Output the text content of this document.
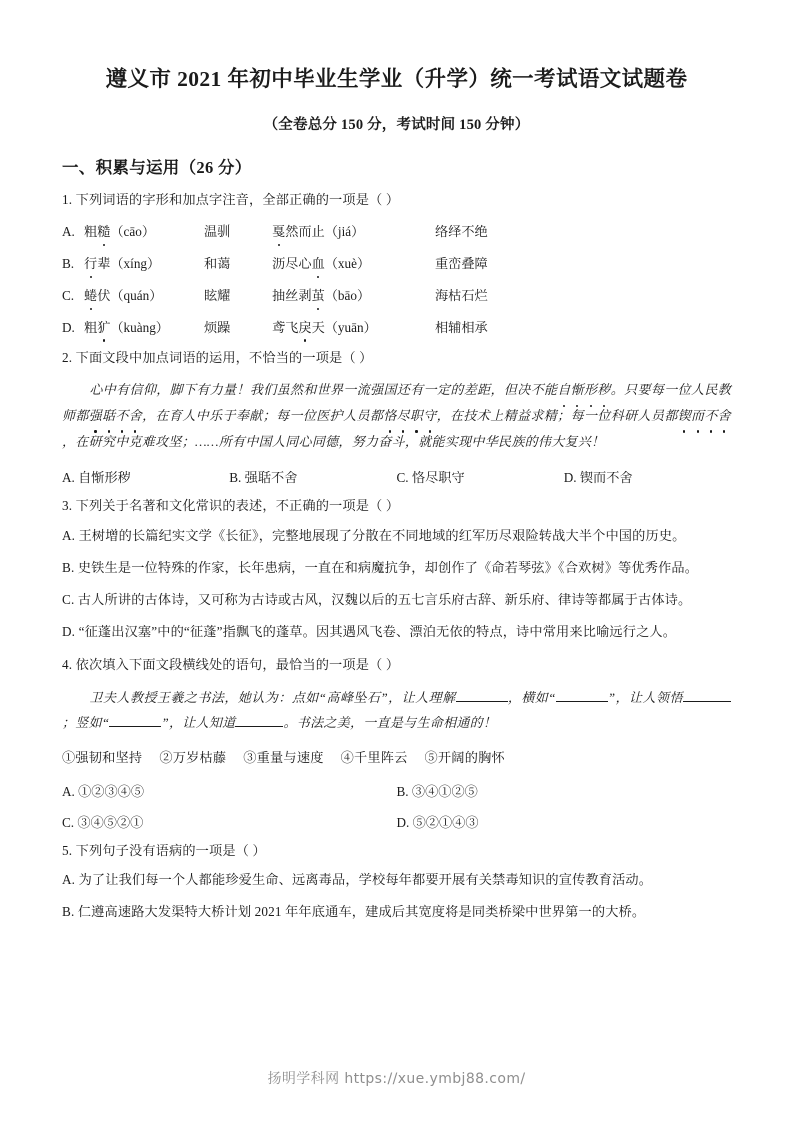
遵义市 2021 年初中毕业生学业（升学）统一考试语文试题卷
（全卷总分 150 分，考试时间 150 分钟）
一、积累与运用（26 分）

1. 下列词语的字形和加点字注音，全部正确的一项是（ ）

A. 粗糙（cāo）	温驯	戛然而止（jiá）	络绎不绝
B. 行辈（xíng）	和蔼	沥尽心血（xuè）	重峦叠障
C. 蜷伏（quán）	眩耀	抽丝剥茧（bāo）	海枯石烂
D. 粗犷（kuàng）	烦躁	鸢飞戾天（yuān）	相辅相承

2. 下面文段中加点词语的运用，不恰当的一项是（ ）

心中有信仰，脚下有力量！我们虽然和世界一流强国还有一定的差距，但决不能自惭形秽。只要每一位人民教师都强聒不舍，在育人中乐于奉献；每一位医护人员都恪尽职守，在技术上精益求精；每一位科研人员都锲而不舍，在研究中克难攻坚；……所有中国人同心同德，努力奋斗，就能实现中华民族的伟大复兴！

A. 自惭形秽	B. 强聒不舍	C. 恪尽职守	D. 锲而不舍

3. 下列关于名著和文化常识的表述，不正确的一项是（ ）

A. 王树增的长篇纪实文学《长征》，完整地展现了分散在不同地域的红军历尽艰险转战大半个中国的历史。

B. 史铁生是一位特殊的作家，长年患病，一直在和病魔抗争，却创作了《命若琴弦》《合欢树》等优秀作品。

C. 古人所讲的古体诗，又可称为古诗或古风，汉魏以后的五七言乐府古辞、新乐府、律诗等都属于古体诗。

D. “征蓬出汉塞”中的“征蓬”指飘飞的蓬草。因其遇风飞卷、漂泊无依的特点，诗中常用来比喻远行之人。

4. 依次填入下面文段横线处的语句，最恰当的一项是（ ）

卫夫人教授王羲之书法，她认为：点如“高峰坠石”，让人理解	，横如“	”，让人领悟；竖如“	”，让人知道	。书法之美，一直是与生命相通的！

①强韧和坚持 ②万岁枯藤 ③重量与速度 ④千里阵云 ⑤开阔的胸怀

A. ①②③④⑤	B. ③④①②⑤
C. ③④⑤②①	D. ⑤②①④③

5. 下列句子没有语病的一项是（ ）

A. 为了让我们每一个人都能珍爱生命、远离毒品，学校每年都要开展有关禁毒知识的宣传教育活动。

B. 仁遵高速路大发渠特大桥计划 2021 年年底通车，建成后其宽度将是同类桥梁中世界第一的大桥。

扬明学科网 https://xue.ymbj88.com/
